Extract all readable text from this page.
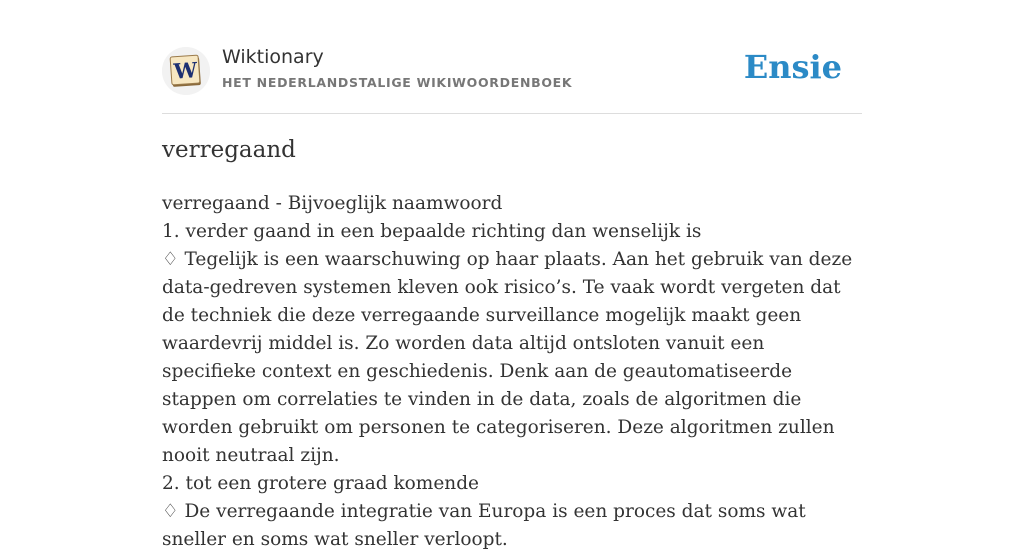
W
Wiktionary
HET NEDERLANDSTALIGE WIKIWOORDENBOEK	Ensie
verregaand

verregaand - Bijvoeglijk naamwoord

1. verder gaand in een bepaalde richting dan wenselijk is

♢ Tegelijk is een waarschuwing op haar plaats. Aan het gebruik van deze data-gedreven systemen kleven ook risico’s. Te vaak wordt vergeten dat de techniek die deze verregaande surveillance mogelijk maakt geen waardevrij middel is. Zo worden data altijd ontsloten vanuit een specifieke context en geschiedenis. Denk aan de geautomatiseerde stappen om correlaties te vinden in de data, zoals de algoritmen die worden gebruikt om personen te categoriseren. Deze algoritmen zullen nooit neutraal zijn.

2. tot een grotere graad komende

♢ De verregaande integratie van Europa is een proces dat soms wat sneller en soms wat sneller verloopt.
